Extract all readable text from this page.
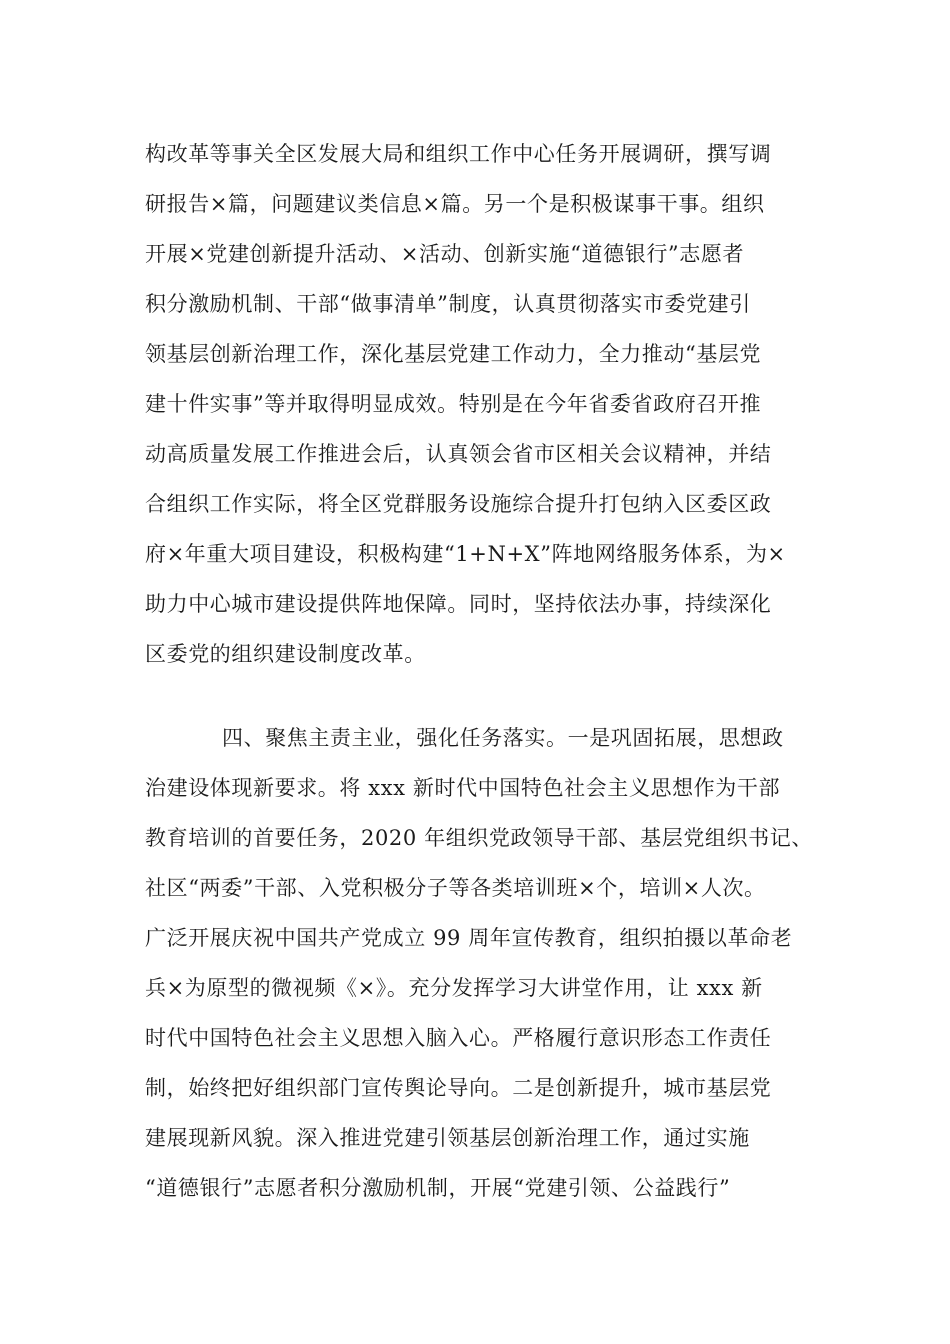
构改革等事关全区发展大局和组织工作中心任务开展调研，撰写调
研报告×篇，问题建议类信息×篇。另一个是积极谋事干事。组织
开展×党建创新提升活动、×活动、创新实施“道德银行”志愿者
积分激励机制、干部“做事清单”制度，认真贯彻落实市委党建引
领基层创新治理工作，深化基层党建工作动力，全力推动“基层党
建十件实事”等并取得明显成效。特别是在今年省委省政府召开推
动高质量发展工作推进会后，认真领会省市区相关会议精神，并结
合组织工作实际，将全区党群服务设施综合提升打包纳入区委区政
府×年重大项目建设，积极构建“1+N+X”阵地网络服务体系，为×
助力中心城市建设提供阵地保障。同时，坚持依法办事，持续深化
区委党的组织建设制度改革。
四、聚焦主责主业，强化任务落实。一是巩固拓展，思想政
治建设体现新要求。将 xxx 新时代中国特色社会主义思想作为干部
教育培训的首要任务，2020 年组织党政领导干部、基层党组织书记、
社区“两委”干部、入党积极分子等各类培训班×个，培训×人次。
广泛开展庆祝中国共产党成立 99 周年宣传教育，组织拍摄以革命老
兵×为原型的微视频《×》。充分发挥学习大讲堂作用，让 xxx 新
时代中国特色社会主义思想入脑入心。严格履行意识形态工作责任
制，始终把好组织部门宣传舆论导向。二是创新提升，城市基层党
建展现新风貌。深入推进党建引领基层创新治理工作，通过实施
“道德银行”志愿者积分激励机制，开展“党建引领、公益践行”
